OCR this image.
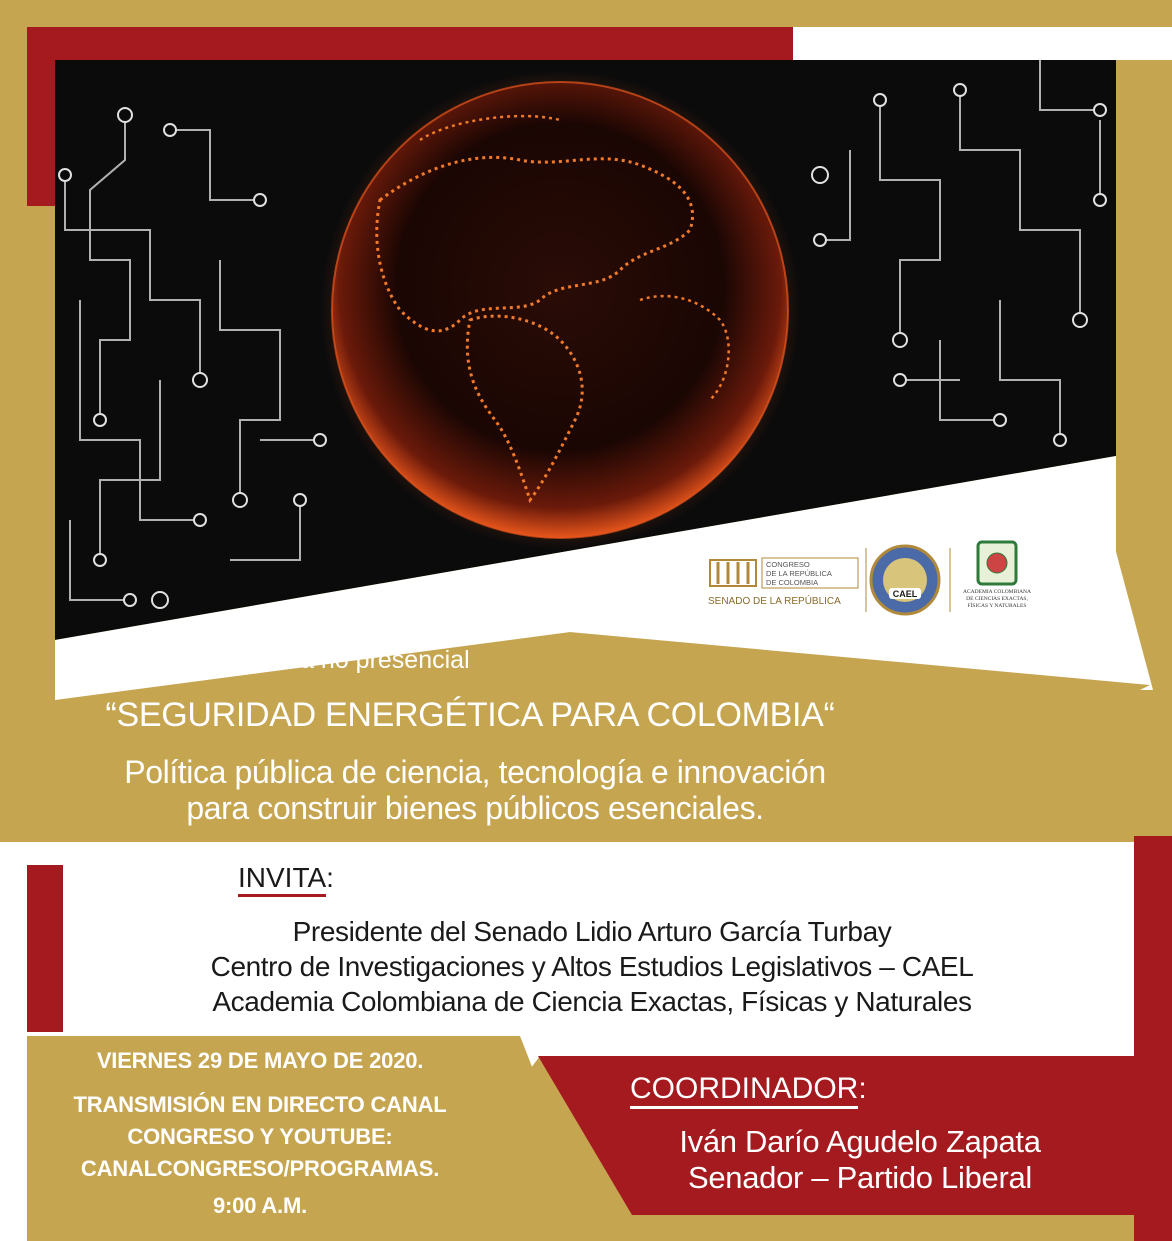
CONGRESO
DE LA REPÚBLICA
DE COLOMBIA
SENADO DE LA REPÚBLICA
CAEL	ACADEMIA COLOMBIANA
DE CIENCIAS EXACTAS,
FÍSICAS Y NATURALES
Audiencia pública no presencial
“SEGURIDAD ENERGÉTICA PARA COLOMBIA“
Política pública de ciencia, tecnología e innovación
para construir bienes públicos esenciales.
INVITA:
Presidente del Senado Lidio Arturo García Turbay
Centro de Investigaciones y Altos Estudios Legislativos – CAEL
Academia Colombiana de Ciencia Exactas, Físicas y Naturales
VIERNES 29 DE MAYO DE 2020.
TRANSMISIÓN EN DIRECTO CANAL
CONGRESO Y YOUTUBE:
CANALCONGRESO/PROGRAMAS.
9:00 A.M.
COORDINADOR:
Iván Darío Agudelo Zapata
Senador – Partido Liberal
